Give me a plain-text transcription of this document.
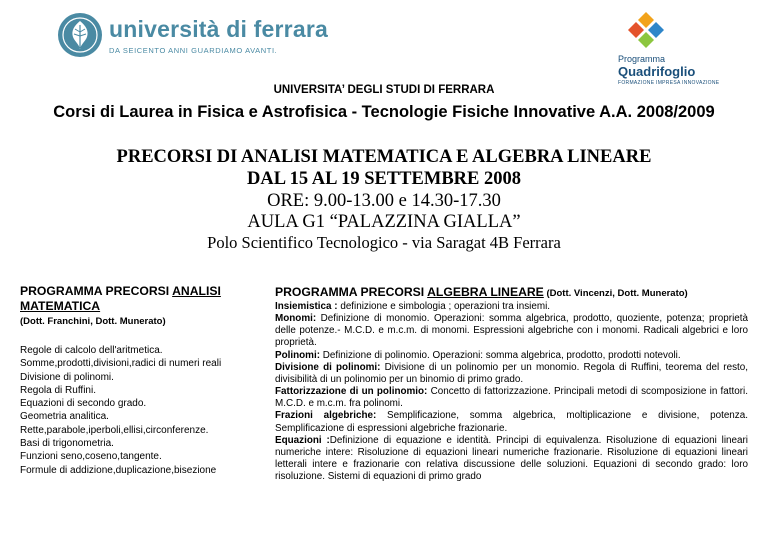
università di ferrara
DA SEICENTO ANNI GUARDIAMO AVANTI.
Programma
Quadrifoglio
FORMAZIONE IMPRESA INNOVAZIONE
UNIVERSITA’ DEGLI STUDI DI FERRARA
Corsi di Laurea in Fisica e Astrofisica - Tecnologie Fisiche Innovative A.A. 2008/2009
PRECORSI DI ANALISI MATEMATICA E ALGEBRA LINEARE
DAL 15 AL 19 SETTEMBRE 2008
ORE: 9.00-13.00 e 14.30-17.30
AULA G1 “PALAZZINA GIALLA”
Polo Scientifico Tecnologico - via Saragat 4B Ferrara
PROGRAMMA PRECORSI ANALISI
MATEMATICA
(Dott. Franchini, Dott. Munerato)
Regole di calcolo dell'aritmetica.
Somme,prodotti,divisioni,radici di numeri reali
Divisione di polinomi.
Regola di Ruffini.
Equazioni di secondo grado.
Geometria analitica.
Rette,parabole,iperboli,ellisi,circonferenze.
Basi di trigonometria.
Funzioni seno,coseno,tangente.
Formule di addizione,duplicazione,bisezione
PROGRAMMA PRECORSI ALGEBRA LINEARE (Dott. Vincenzi, Dott. Munerato)

Insiemistica : definizione e simbologia ; operazioni tra insiemi.

Monomi: Definizione di monomio. Operazioni: somma algebrica, prodotto, quoziente, potenza; proprietà delle potenze.- M.C.D. e m.c.m. di monomi. Espressioni algebriche con i monomi. Radicali algebrici e loro proprietà.

Polinomi: Definizione di polinomio. Operazioni: somma algebrica, prodotto, prodotti notevoli.

Divisione di polinomi: Divisione di un polinomio per un monomio. Regola di Ruffini, teorema del resto, divisibilità di un polinomio per un binomio di primo grado.

Fattorizzazione di un polinomio: Concetto di fattorizzazione. Principali metodi di scomposizione in fattori. M.C.D. e m.c.m. fra polinomi.

Frazioni algebriche: Semplificazione, somma algebrica, moltiplicazione e divisione, potenza. Semplificazione di espressioni algebriche frazionarie.

Equazioni :Definizione di equazione e identità. Principi di equivalenza. Risoluzione di equazioni lineari numeriche intere: Risoluzione di equazioni lineari numeriche frazionarie. Risoluzione di equazioni lineari letterali intere e frazionarie con relativa discussione delle soluzioni. Equazioni di secondo grado: loro risoluzione. Sistemi di equazioni di primo grado
